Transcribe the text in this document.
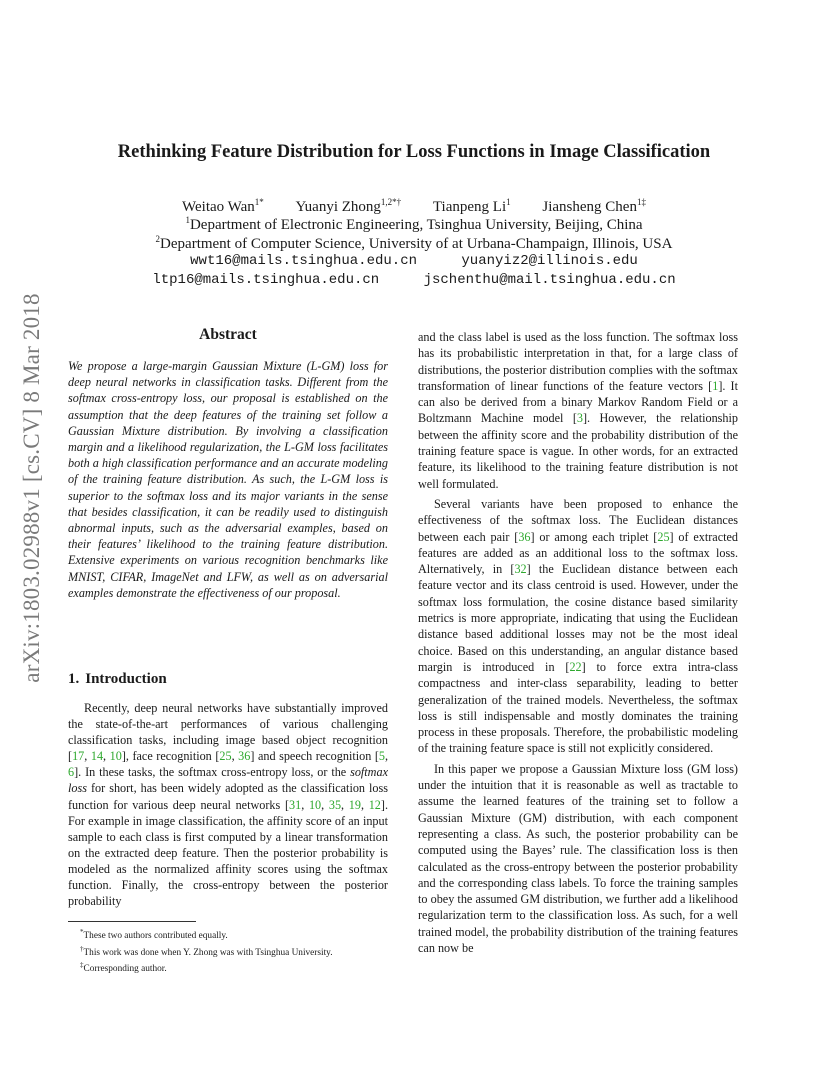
arXiv:1803.02988v1 [cs.CV] 8 Mar 2018
Rethinking Feature Distribution for Loss Functions in Image Classification
Weitao Wan$^{1*}$ Yuanyi Zhong$^{1,2*\dagger}$ Tianpeng Li$^1$ Jiansheng Chen$^{1\ddagger}$
$^1$Department of Electronic Engineering, Tsinghua University, Beijing, China
$^2$Department of Computer Science, University of at Urbana-Champaign, Illinois, USA
wwt16@mails.tsinghua.edu.cn	yuanyiz2@illinois.edu
ltp16@mails.tsinghua.edu.cn	jschenthu@mail.tsinghua.edu.cn
Abstract
We propose a large-margin Gaussian Mixture (L-GM) loss for deep neural networks in classification tasks. Different from the softmax cross-entropy loss, our proposal is established on the assumption that the deep features of the training set follow a Gaussian Mixture distribution. By involving a classification margin and a likelihood regularization, the L-GM loss facilitates both a high classification performance and an accurate modeling of the training feature distribution. As such, the L-GM loss is superior to the softmax loss and its major variants in the sense that besides classification, it can be readily used to distinguish abnormal inputs, such as the adversarial examples, based on their features’ likelihood to the training feature distribution. Extensive experiments on various recognition benchmarks like MNIST, CIFAR, ImageNet and LFW, as well as on adversarial examples demonstrate the effectiveness of our proposal.
1. Introduction
Recently, deep neural networks have substantially improved the state-of-the-art performances of various challenging classification tasks, including image based object recognition [17, 14, 10], face recognition [25, 36] and speech recognition [5, 6]. In these tasks, the softmax cross-entropy loss, or the softmax loss for short, has been widely adopted as the classification loss function for various deep neural networks [31, 10, 35, 19, 12]. For example in image classification, the affinity score of an input sample to each class is first computed by a linear transformation on the extracted deep feature. Then the posterior probability is modeled as the normalized affinity scores using the softmax function. Finally, the cross-entropy between the posterior probability
*These two authors contributed equally.
†This work was done when Y. Zhong was with Tsinghua University.
‡Corresponding author.

and the class label is used as the loss function. The softmax loss has its probabilistic interpretation in that, for a large class of distributions, the posterior distribution complies with the softmax transformation of linear functions of the feature vectors [1]. It can also be derived from a binary Markov Random Field or a Boltzmann Machine model [3]. However, the relationship between the affinity score and the probability distribution of the training feature space is vague. In other words, for an extracted feature, its likelihood to the training feature distribution is not well formulated.

Several variants have been proposed to enhance the effectiveness of the softmax loss. The Euclidean distances between each pair [36] or among each triplet [25] of extracted features are added as an additional loss to the softmax loss. Alternatively, in [32] the Euclidean distance between each feature vector and its class centroid is used. However, under the softmax loss formulation, the cosine distance based similarity metrics is more appropriate, indicating that using the Euclidean distance based additional losses may not be the most ideal choice. Based on this understanding, an angular distance based margin is introduced in [22] to force extra intra-class compactness and inter-class separability, leading to better generalization of the trained models. Nevertheless, the softmax loss is still indispensable and mostly dominates the training process in these proposals. Therefore, the probabilistic modeling of the training feature space is still not explicitly considered.

In this paper we propose a Gaussian Mixture loss (GM loss) under the intuition that it is reasonable as well as tractable to assume the learned features of the training set to follow a Gaussian Mixture (GM) distribution, with each component representing a class. As such, the posterior probability can be computed using the Bayes’ rule. The classification loss is then calculated as the cross-entropy between the posterior probability and the corresponding class labels. To force the training samples to obey the assumed GM distribution, we further add a likelihood regularization term to the classification loss. As such, for a well trained model, the probability distribution of the training features can now be
